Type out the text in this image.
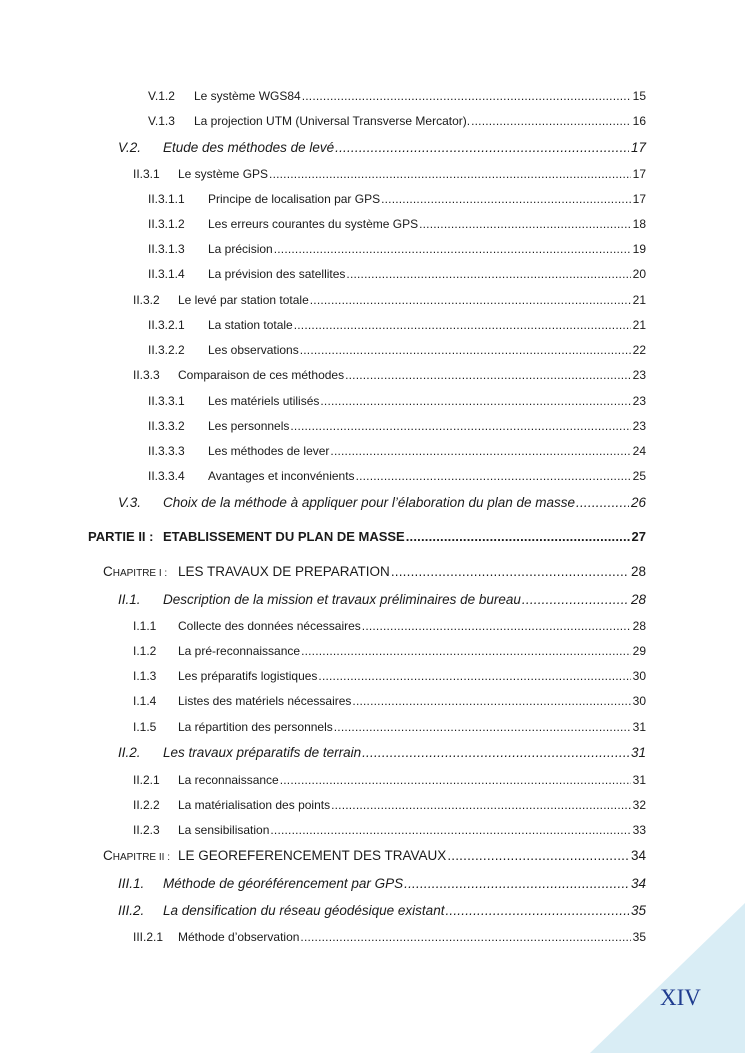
V.1.2	Le système WGS84 .....	15
V.1.3	La projection UTM (Universal Transverse Mercator). .....	16
V.2.	Etude des méthodes de levé .....	17
II.3.1	Le système GPS .....	17
II.3.1.1	Principe de localisation par GPS .....	17
II.3.1.2	Les erreurs courantes du système GPS .....	18
II.3.1.3	La précision .....	19
II.3.1.4	La prévision des satellites .....	20
II.3.2	Le levé par station totale .....	21
II.3.2.1	La station totale .....	21
II.3.2.2	Les observations .....	22
II.3.3	Comparaison de ces méthodes .....	23
II.3.3.1	Les matériels utilisés .....	23
II.3.3.2	Les personnels .....	23
II.3.3.3	Les méthodes de lever .....	24
II.3.3.4	Avantages et inconvénients .....	25
V.3.	Choix de la méthode à appliquer pour l’élaboration du plan de masse .....	26
PARTIE II : ETABLISSEMENT DU PLAN DE MASSE .....	27
CHAPITRE I : LES TRAVAUX DE PREPARATION .....	28
II.1.	Description de la mission et travaux préliminaires de bureau .....	28
I.1.1	Collecte des données nécessaires .....	28
I.1.2	La pré-reconnaissance .....	29
I.1.3	Les préparatifs logistiques .....	30
I.1.4	Listes des matériels nécessaires .....	30
I.1.5	La répartition des personnels .....	31
II.2.	Les travaux préparatifs de terrain .....	31
II.2.1	La reconnaissance .....	31
II.2.2	La matérialisation des points .....	32
II.2.3	La sensibilisation .....	33
CHAPITRE II : LE GEOREFERENCEMENT DES TRAVAUX .....	34
III.1.	Méthode de géoréférencement par GPS .....	34
III.2.	La densification du réseau géodésique existant .....	35
III.2.1	Méthode d’observation .....	35
XIV
